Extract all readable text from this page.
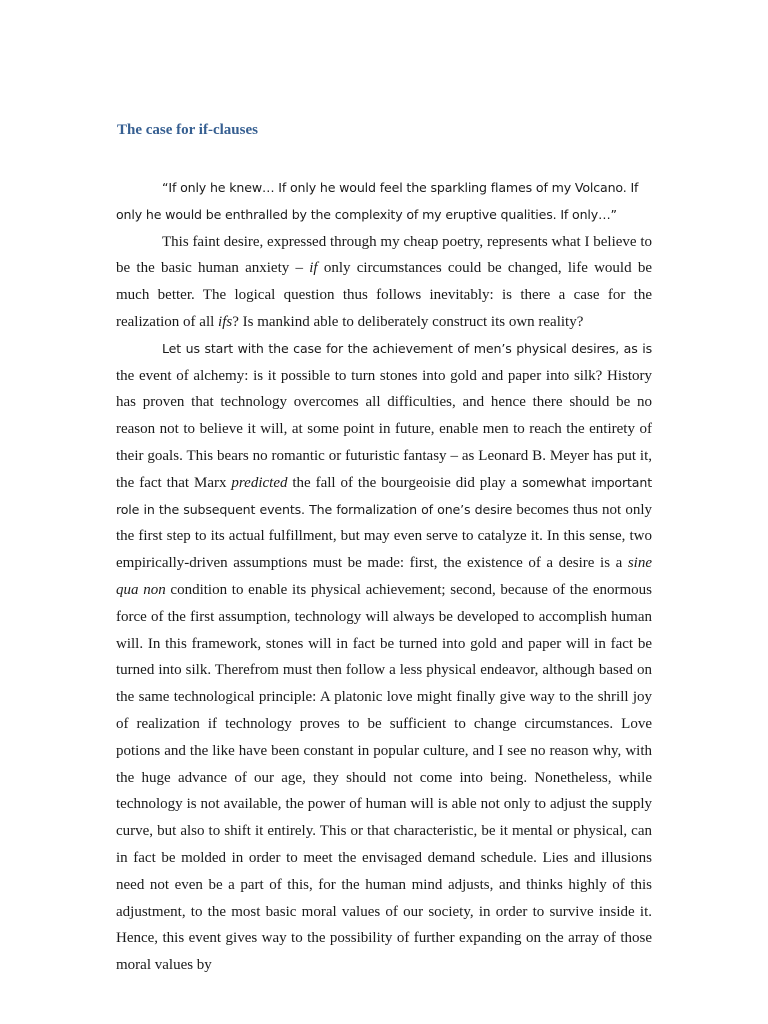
The case for if-clauses

“If only he knew… If only he would feel the sparkling flames of my Volcano. If only he would be enthralled by the complexity of my eruptive qualities. If only…”

This faint desire, expressed through my cheap poetry, represents what I believe to be the basic human anxiety – if only circumstances could be changed, life would be much better. The logical question thus follows inevitably: is there a case for the realization of all ifs? Is mankind able to deliberately construct its own reality?

Let us start with the case for the achievement of men’s physical desires, as is the event of alchemy: is it possible to turn stones into gold and paper into silk? History has proven that technology overcomes all difficulties, and hence there should be no reason not to believe it will, at some point in future, enable men to reach the entirety of their goals. This bears no romantic or futuristic fantasy – as Leonard B. Meyer has put it, the fact that Marx predicted the fall of the bourgeoisie did play a somewhat important role in the subsequent events. The formalization of one’s desire becomes thus not only the first step to its actual fulfillment, but may even serve to catalyze it. In this sense, two empirically-driven assumptions must be made: first, the existence of a desire is a sine qua non condition to enable its physical achievement; second, because of the enormous force of the first assumption, technology will always be developed to accomplish human will. In this framework, stones will in fact be turned into gold and paper will in fact be turned into silk. Therefrom must then follow a less physical endeavor, although based on the same technological principle: A platonic love might finally give way to the shrill joy of realization if technology proves to be sufficient to change circumstances. Love potions and the like have been constant in popular culture, and I see no reason why, with the huge advance of our age, they should not come into being. Nonetheless, while technology is not available, the power of human will is able not only to adjust the supply curve, but also to shift it entirely. This or that characteristic, be it mental or physical, can in fact be molded in order to meet the envisaged demand schedule. Lies and illusions need not even be a part of this, for the human mind adjusts, and thinks highly of this adjustment, to the most basic moral values of our society, in order to survive inside it. Hence, this event gives way to the possibility of further expanding on the array of those moral values by
